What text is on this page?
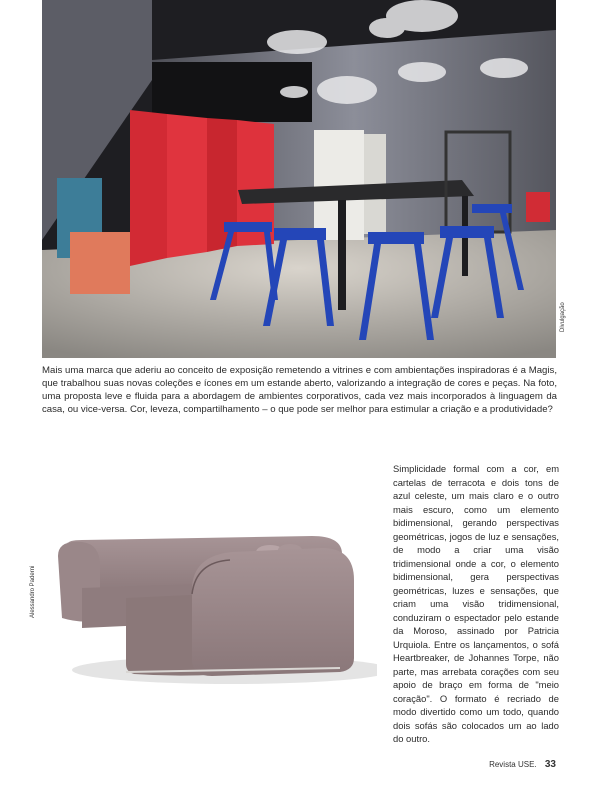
Divulgação
Mais uma marca que aderiu ao conceito de exposição remetendo a vitrines e com ambientações inspiradoras é a Magis, que trabalhou suas novas coleções e ícones em um estande aberto, valorizando a integração de cores e peças. Na foto, uma proposta leve e fluida para a abordagem de ambientes corporativos, cada vez mais incorporados à linguagem da casa, ou vice-versa. Cor, leveza, compartilhamento – o que pode ser melhor para estimular a criação e a produtividade?
Alessandro Paderni
Simplicidade formal com a cor, em cartelas de terracota e dois tons de azul celeste, um mais claro e o outro mais escuro, como um elemento bidimensional, gerando perspectivas geométricas, jogos de luz e sensações, de modo a criar uma visão tridimensional onde a cor, o elemento bidimensional, gera perspectivas geométricas, luzes e sensações, que criam uma visão tridimensional, conduziram o espectador pelo estande da Moroso, assinado por Patricia Urquiola. Entre os lançamentos, o sofá Heartbreaker, de Johannes Torpe, não parte, mas arrebata corações com seu apoio de braço em forma de "meio coração". O formato é recriado de modo divertido como um todo, quando dois sofás são colocados um ao lado do outro.
Revista USE. 33
